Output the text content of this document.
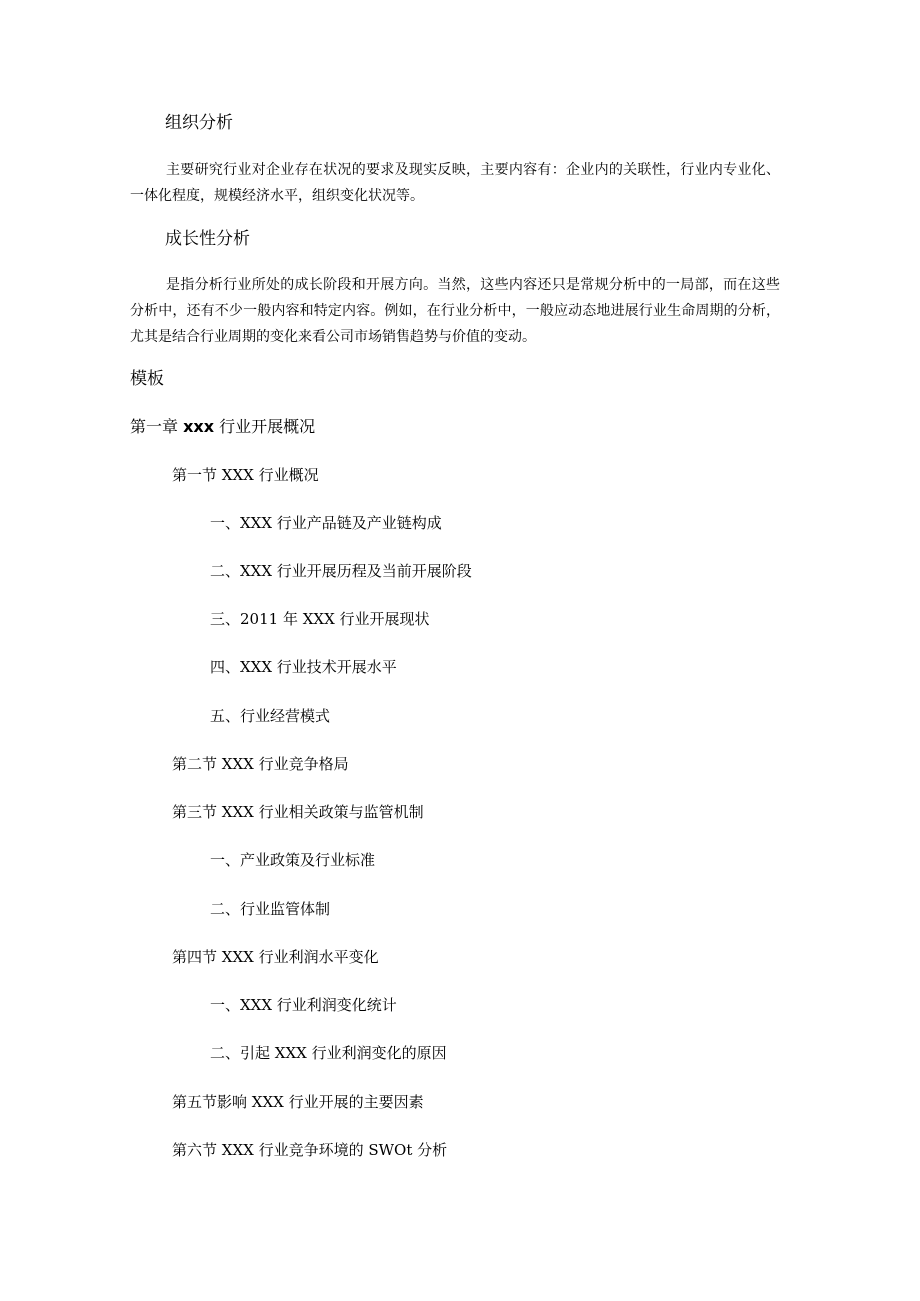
组织分析
主要研究行业对企业存在状况的要求及现实反映，主要内容有：企业内的关联性，行业内专业化、一体化程度，规模经济水平，组织变化状况等。
成长性分析
是指分析行业所处的成长阶段和开展方向。当然，这些内容还只是常规分析中的一局部，而在这些分析中，还有不少一般内容和特定内容。例如，在行业分析中，一般应动态地进展行业生命周期的分析，尤其是结合行业周期的变化来看公司市场销售趋势与价值的变动。
模板
第一章 xxx 行业开展概况
第一节 XXX 行业概况
一、XXX 行业产品链及产业链构成
二、XXX 行业开展历程及当前开展阶段
三、2011 年 XXX 行业开展现状
四、XXX 行业技术开展水平
五、行业经营模式
第二节 XXX 行业竞争格局
第三节 XXX 行业相关政策与监管机制
一、产业政策及行业标准
二、行业监管体制
第四节 XXX 行业利润水平变化
一、XXX 行业利润变化统计
二、引起 XXX 行业利润变化的原因
第五节影响 XXX 行业开展的主要因素
第六节 XXX 行业竞争环境的 SWOt 分析
